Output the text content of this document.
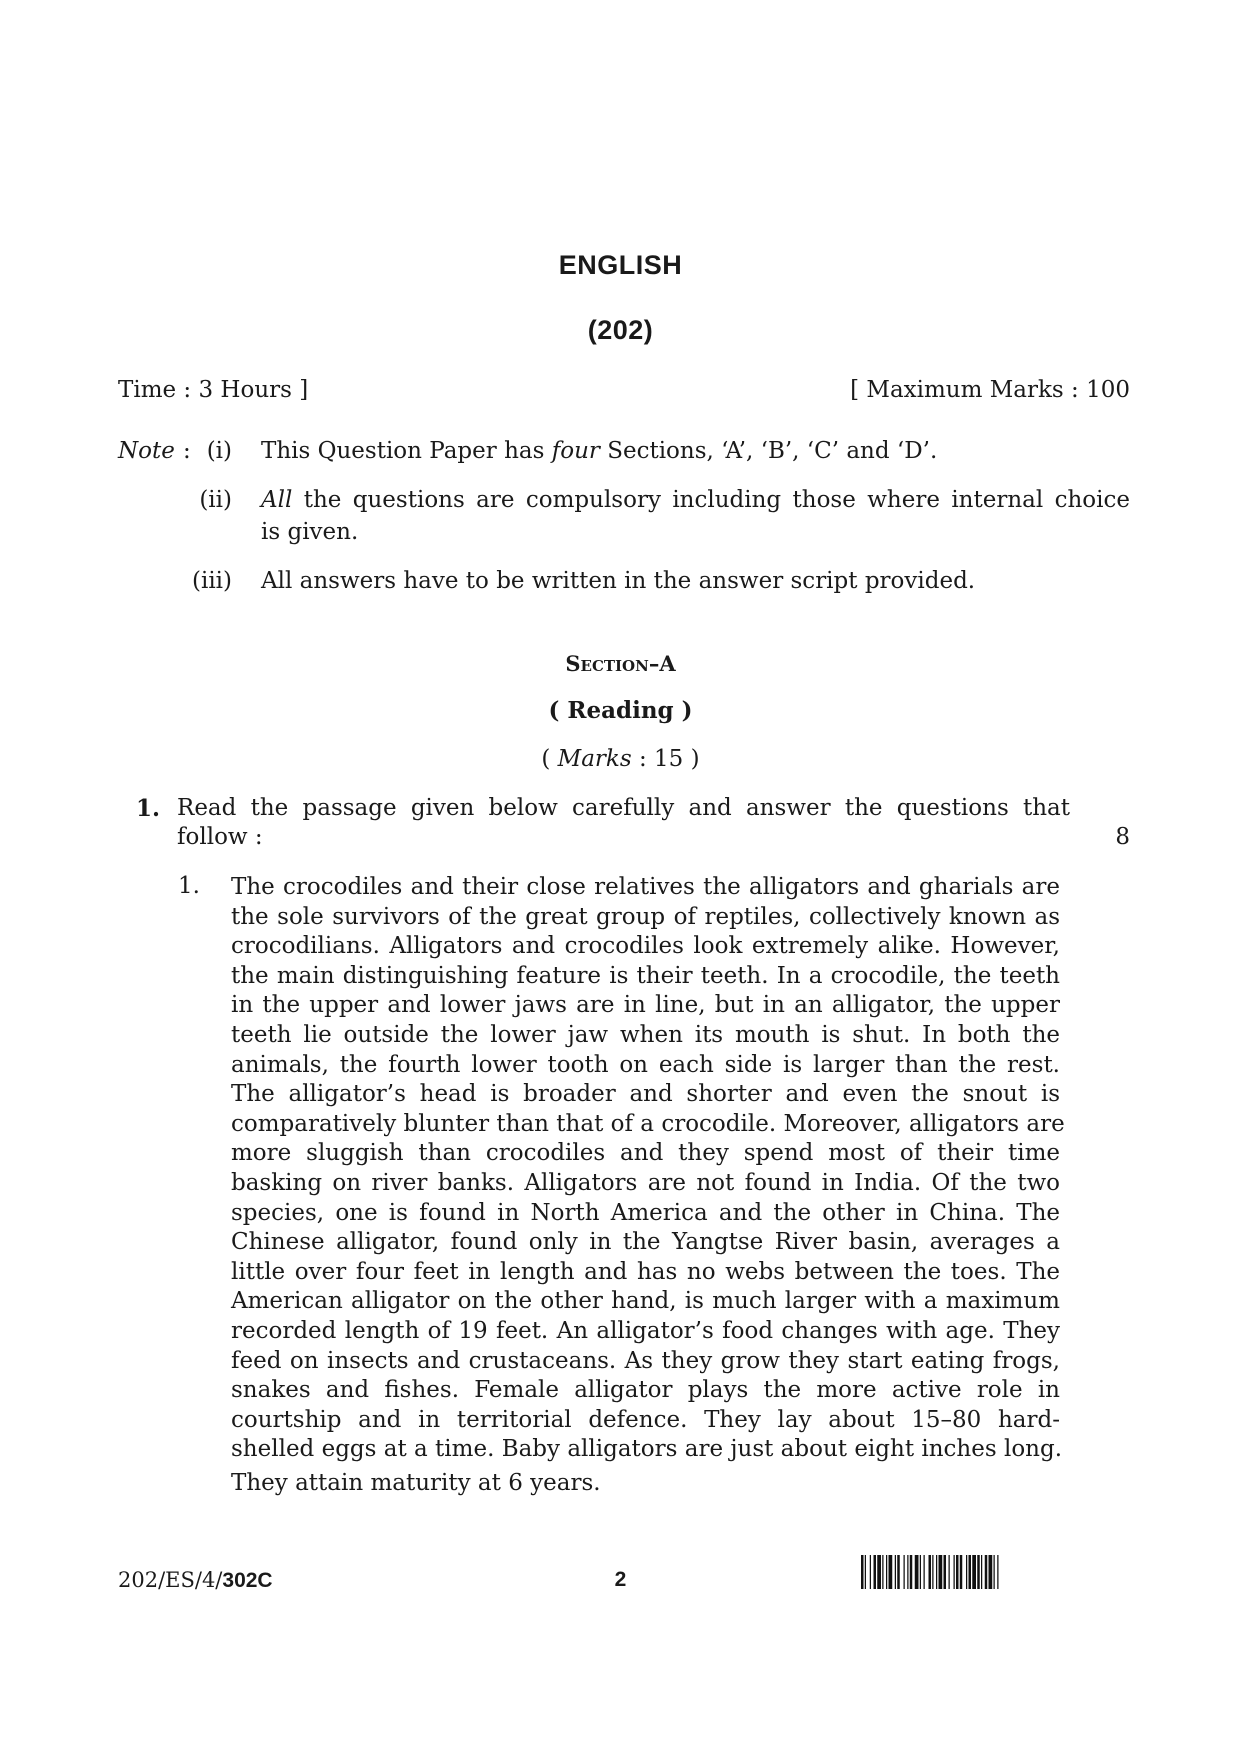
ENGLISH
(202)
Time : 3 Hours ]	[ Maximum Marks : 100
Note : (i) This Question Paper has four Sections, ‘A’, ‘B’, ‘C’ and ‘D’.
(ii) All the questions are compulsory including those where internal choice
is given.
(iii) All answers have to be written in the answer script provided.
Section–A
( Reading )
( Marks : 15 )
1. Read the passage given below carefully and answer the questions that
follow :	8
1. The crocodiles and their close relatives the alligators and gharials are
the sole survivors of the great group of reptiles, collectively known as
crocodilians. Alligators and crocodiles look extremely alike. However,
the main distinguishing feature is their teeth. In a crocodile, the teeth
in the upper and lower jaws are in line, but in an alligator, the upper
teeth lie outside the lower jaw when its mouth is shut. In both the
animals, the fourth lower tooth on each side is larger than the rest.
The alligator’s head is broader and shorter and even the snout is
comparatively blunter than that of a crocodile. Moreover, alligators are
more sluggish than crocodiles and they spend most of their time
basking on river banks. Alligators are not found in India. Of the two
species, one is found in North America and the other in China. The
Chinese alligator, found only in the Yangtse River basin, averages a
little over four feet in length and has no webs between the toes. The
American alligator on the other hand, is much larger with a maximum
recorded length of 19 feet. An alligator’s food changes with age. They
feed on insects and crustaceans. As they grow they start eating frogs,
snakes and fishes. Female alligator plays the more active role in
courtship and in territorial defence. They lay about 15–80 hard-
shelled eggs at a time. Baby alligators are just about eight inches long.
They attain maturity at 6 years.
202/ES/4/302C	2
